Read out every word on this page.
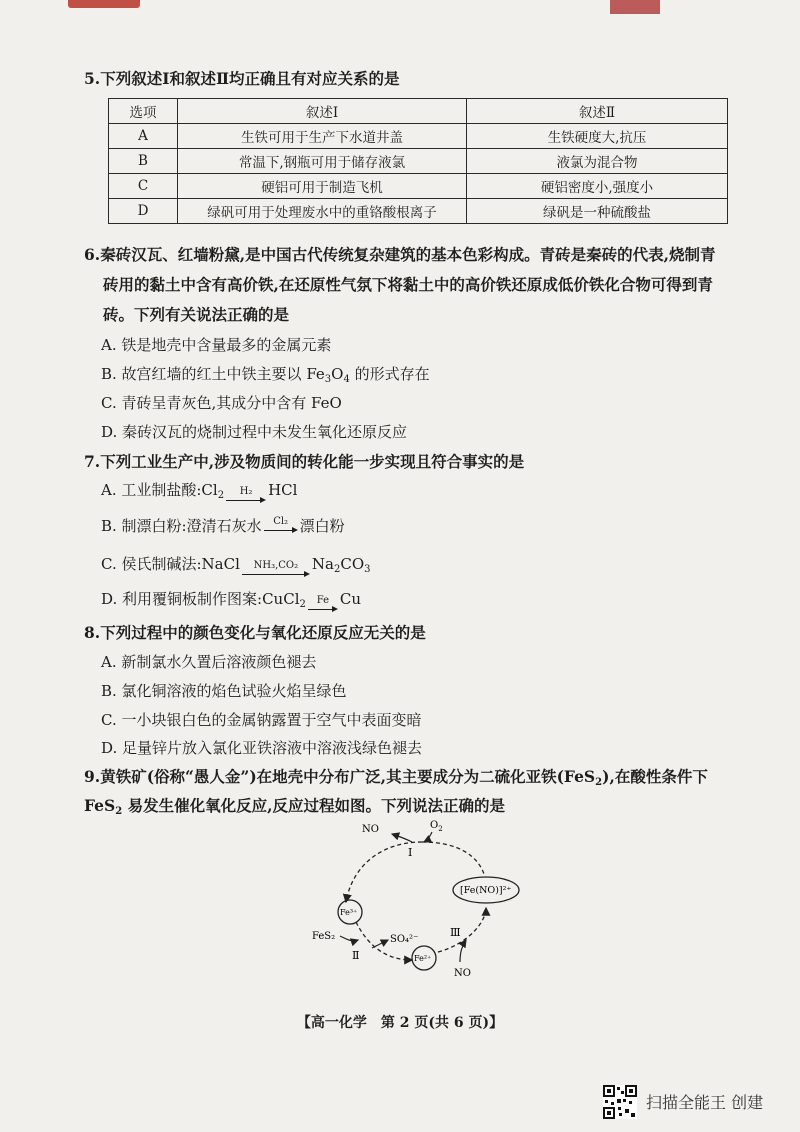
5.下列叙述Ⅰ和叙述Ⅱ均正确且有对应关系的是
选项	叙述Ⅰ	叙述Ⅱ
A	生铁可用于生产下水道井盖	生铁硬度大,抗压
B	常温下,钢瓶可用于储存液氯	液氯为混合物
C	硬铝可用于制造飞机	硬铝密度小,强度小
D	绿矾可用于处理废水中的重铬酸根离子	绿矾是一种硫酸盐
6.秦砖汉瓦、红墙粉黛,是中国古代传统复杂建筑的基本色彩构成。青砖是秦砖的代表,烧制青
砖用的黏土中含有高价铁,在还原性气氛下将黏土中的高价铁还原成低价铁化合物可得到青
砖。下列有关说法正确的是
A. 铁是地壳中含量最多的金属元素
B. 故宫红墙的红土中铁主要以 $Fe_3O_4$ 的形式存在
C. 青砖呈青灰色,其成分中含有 FeO
D. 秦砖汉瓦的烧制过程中未发生氧化还原反应
7.下列工业生产中,涉及物质间的转化能一步实现且符合事实的是
A. 工业制盐酸$:Cl_2$	H₂	HCl
B. 制漂白粉:澄清石灰水	Cl₂ 漂白粉
C. 侯氏制碱法:NaCl	NH₃,CO₂ $Na_2CO_3$
D. 利用覆铜板制作图案:CuCl$_2$	Fe Cu
8.下列过程中的颜色变化与氧化还原反应无关的是
A. 新制氯水久置后溶液颜色褪去
B. 氯化铜溶液的焰色试验火焰呈绿色
C. 一小块银白色的金属钠露置于空气中表面变暗
D. 足量锌片放入氯化亚铁溶液中溶液浅绿色褪去
9.黄铁矿(俗称“愚人金”)在地壳中分布广泛,其主要成分为二硫化亚铁(FeS$_2$),在酸性条件下
FeS$_2$ 易发生催化氧化反应,反应过程如图。下列说法正确的是
NO	$O_2$
Ⅰ
Fe³⁺
[Fe(NO)]²⁺
FeS₂	SO₄²⁻
Ⅱ	Fe²⁺
Ⅲ
NO
【高一化学　第 2 页(共 6 页)】
扫描全能王 创建
